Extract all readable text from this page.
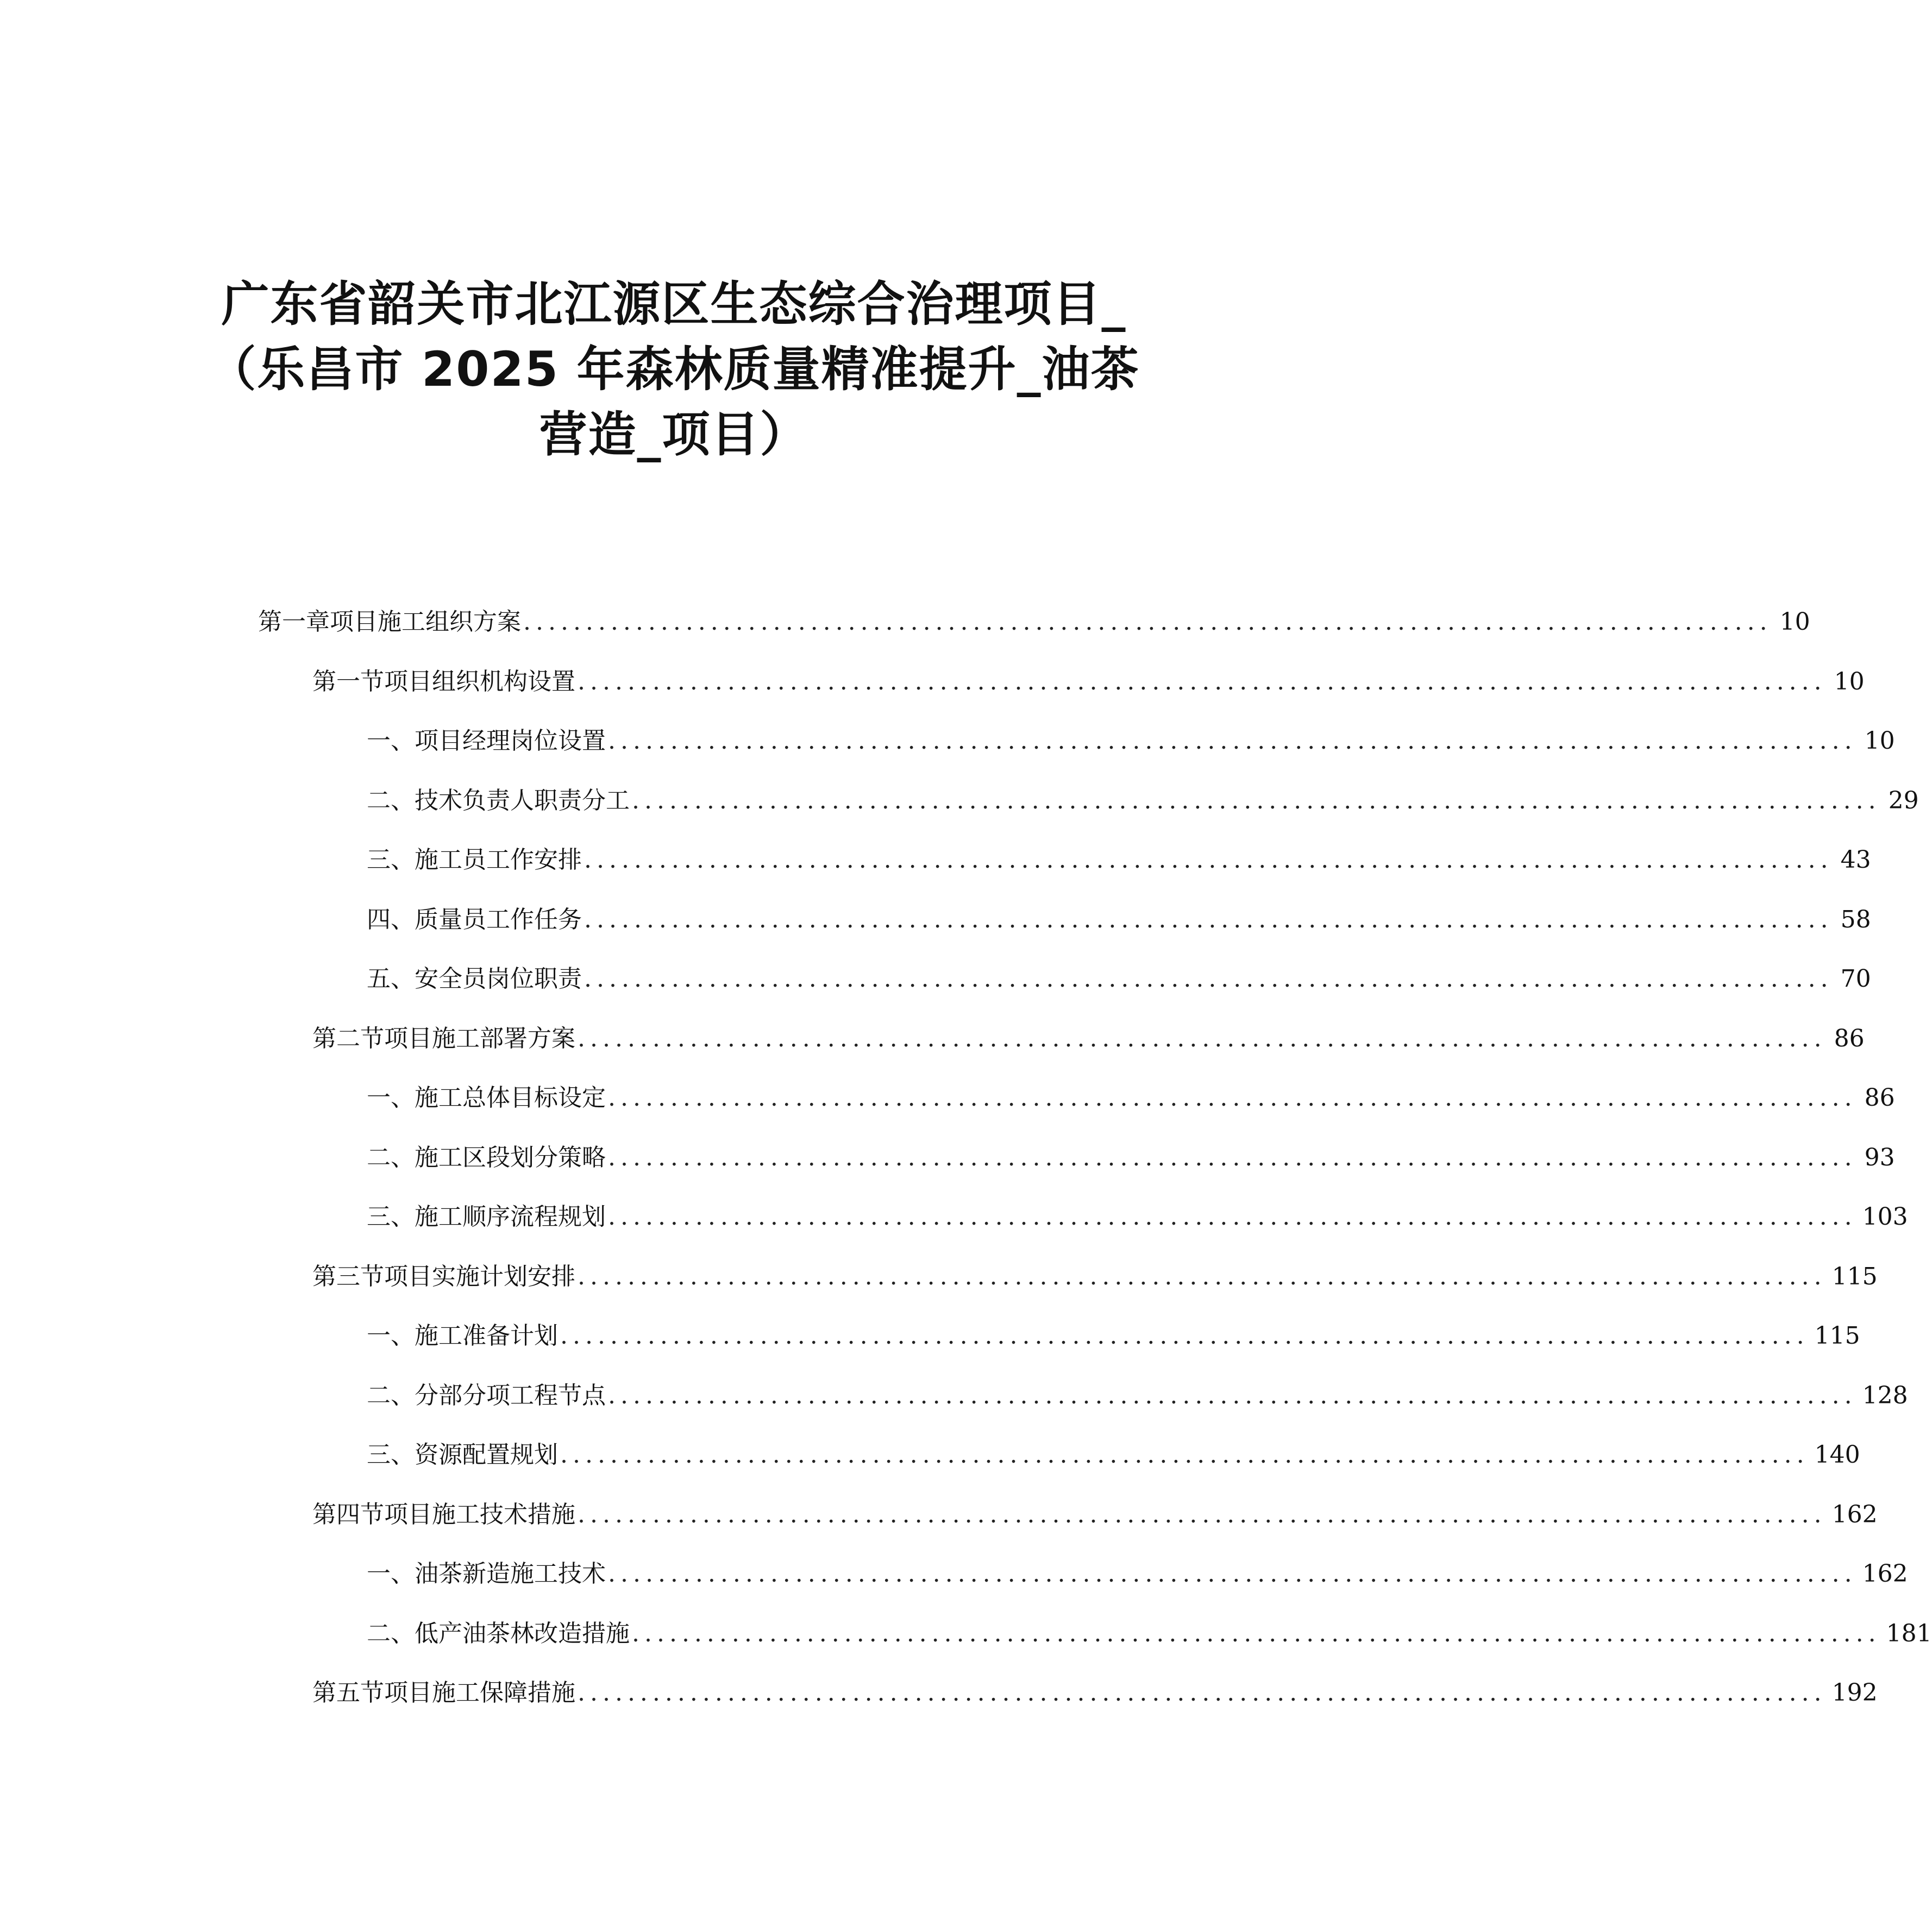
广东省韶关市北江源区生态综合治理项目_
（乐昌市 2025 年森林质量精准提升_油茶
营造_项目）
第一章 项目施工组织方案 .................................................................................................... 10
第一节 项目组织机构设置 .................................................................................................... 10
一、 项目经理岗位设置 .................................................................................................... 10
二、 技术负责人职责分工 .................................................................................................... 29
三、 施工员工作安排 .................................................................................................... 43
四、 质量员工作任务 .................................................................................................... 58
五、 安全员岗位职责 .................................................................................................... 70
第二节 项目施工部署方案 .................................................................................................... 86
一、 施工总体目标设定 .................................................................................................... 86
二、 施工区段划分策略 .................................................................................................... 93
三、 施工顺序流程规划 .................................................................................................... 103
第三节 项目实施计划安排 .................................................................................................... 115
一、 施工准备计划 .................................................................................................... 115
二、 分部分项工程节点 .................................................................................................... 128
三、 资源配置规划 .................................................................................................... 140
第四节 项目施工技术措施 .................................................................................................... 162
一、 油茶新造施工技术 .................................................................................................... 162
二、 低产油茶林改造措施 .................................................................................................... 181
第五节 项目施工保障措施 .................................................................................................... 192
